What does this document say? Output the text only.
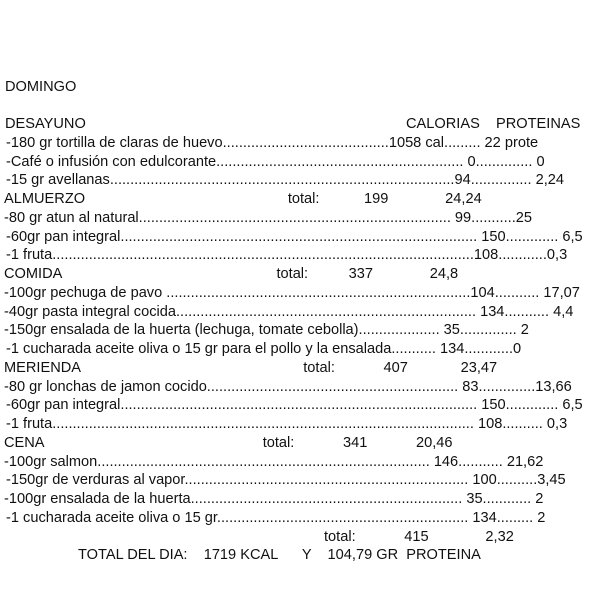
DOMINGO
DESAYUNO	CALORIAS    PROTEINAS
-180 gr tortilla de claras de huevo.........................................1058 cal......... 22 prote
-Café o infusión con edulcorante............................................................. 0.............. 0
-15 gr avellanas.....................................................................................94............... 2,24
ALMUERZO                                                  total:           199              24,24
-80 gr atun al natural............................................................................. 99...........25
-60gr pan integral........................................................................................ 150............. 6,5
-1 fruta........................................................................................................108............0,3
COMIDA                                                     total:          337              24,8
-100gr pechuga de pavo ...........................................................................104........... 17,07
-40gr pasta integral cocida.......................................................................... 134........... 4,4
-150gr ensalada de la huerta (lechuga, tomate cebolla).................... 35.............. 2
-1 cucharada aceite oliva o 15 gr para el pollo y la ensalada........... 134............0
MERIENDA                                                       total:            407             23,47
-80 gr lonchas de jamon cocido.............................................................. 83..............13,66
-60gr pan integral........................................................................................ 150............. 6,5
-1 fruta........................................................................................................ 108.......... 0,3
CENA                                                      total:            341            20,46
-100gr salmon.................................................................................. 146........... 21,62
-150gr de verduras al vapor...................................................................... 100..........3,45
-100gr ensalada de la huerta................................................................... 35............ 2
-1 cucharada aceite oliva o 15 gr.............................................................. 134......... 2
total:            415              2,32
TOTAL DEL DIA:    1719 KCAL      Y    104,79 GR  PROTEINA
